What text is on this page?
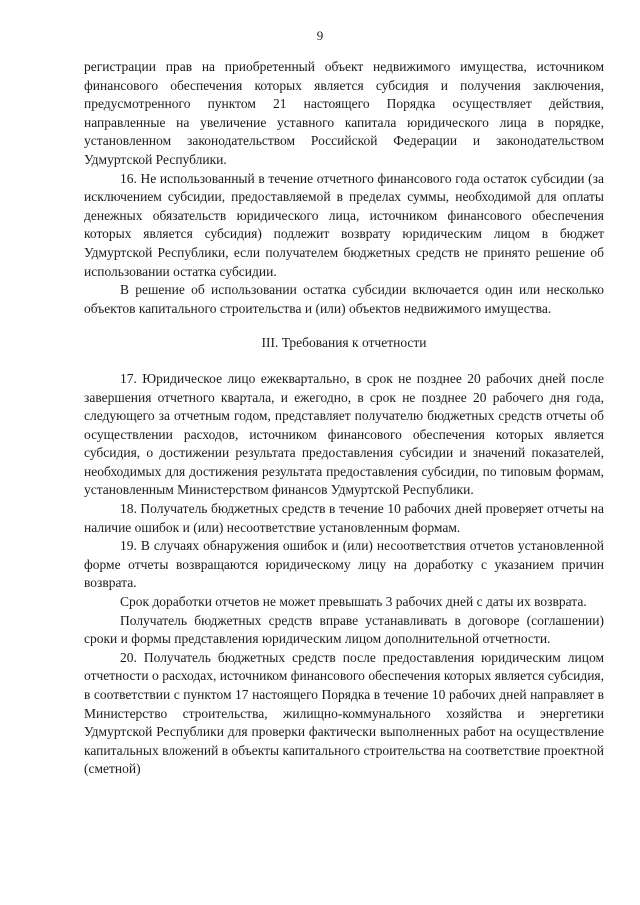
9

регистрации прав на приобретенный объект недвижимого имущества, источником финансового обеспечения которых является субсидия и получения заключения, предусмотренного пунктом 21 настоящего Порядка осуществляет действия, направленные на увеличение уставного капитала юридического лица в порядке, установленном законодательством Российской Федерации и законодательством Удмуртской Республики.

16. Не использованный в течение отчетного финансового года остаток субсидии (за исключением субсидии, предоставляемой в пределах суммы, необходимой для оплаты денежных обязательств юридического лица, источником финансового обеспечения которых является субсидия) подлежит возврату юридическим лицом в бюджет Удмуртской Республики, если получателем бюджетных средств не принято решение об использовании остатка субсидии.

В решение об использовании остатка субсидии включается один или несколько объектов капитального строительства и (или) объектов недвижимого имущества.

III. Требования к отчетности

17. Юридическое лицо ежеквартально, в срок не позднее 20 рабочих дней после завершения отчетного квартала, и ежегодно, в срок не позднее 20 рабочего дня года, следующего за отчетным годом, представляет получателю бюджетных средств отчеты об осуществлении расходов, источником финансового обеспечения которых является субсидия, о достижении результата предоставления субсидии и значений показателей, необходимых для достижения результата предоставления субсидии, по типовым формам, установленным Министерством финансов Удмуртской Республики.

18. Получатель бюджетных средств в течение 10 рабочих дней проверяет отчеты на наличие ошибок и (или) несоответствие установленным формам.

19. В случаях обнаружения ошибок и (или) несоответствия отчетов установленной форме отчеты возвращаются юридическому лицу на доработку с указанием причин возврата.

Срок доработки отчетов не может превышать 3 рабочих дней с даты их возврата.

Получатель бюджетных средств вправе устанавливать в договоре (соглашении) сроки и формы представления юридическим лицом дополнительной отчетности.

20. Получатель бюджетных средств после предоставления юридическим лицом отчетности о расходах, источником финансового обеспечения которых является субсидия, в соответствии с пунктом 17 настоящего Порядка в течение 10 рабочих дней направляет в Министерство строительства, жилищно-коммунального хозяйства и энергетики Удмуртской Республики для проверки фактически выполненных работ на осуществление капитальных вложений в объекты капитального строительства на соответствие проектной (сметной)
